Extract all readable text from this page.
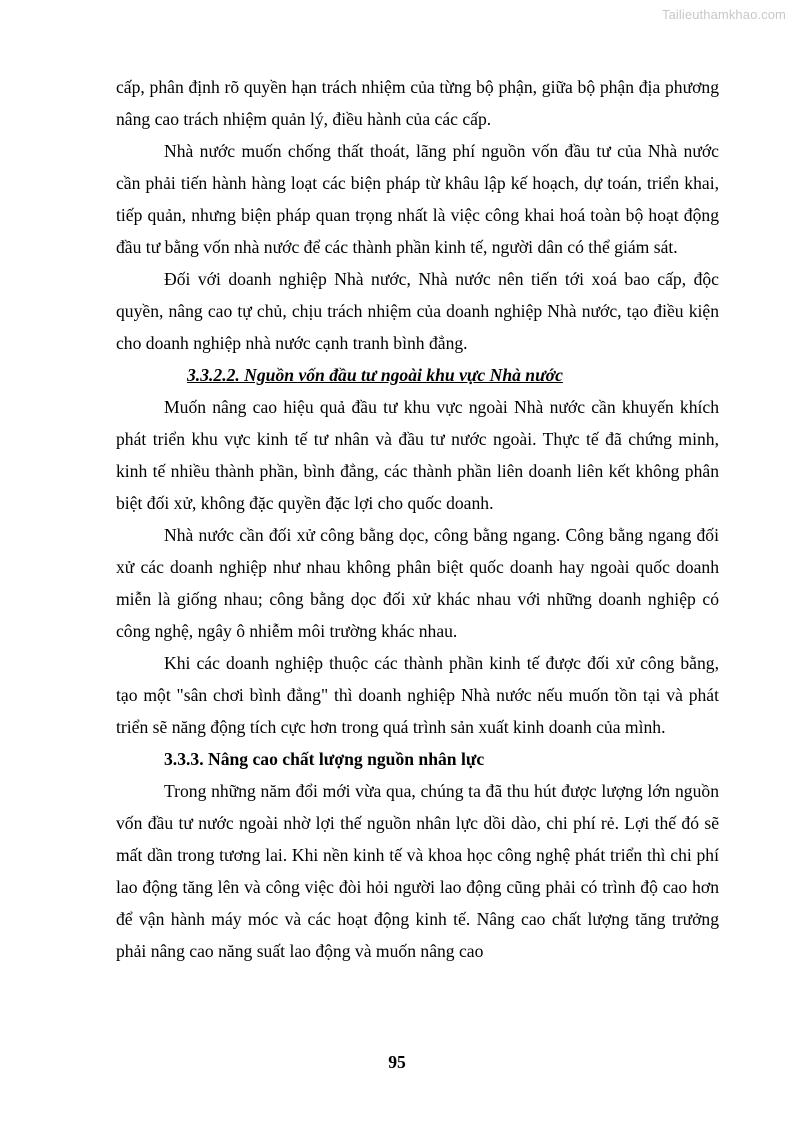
Tailieuthamkhao.com

cấp, phân định rõ quyền hạn trách nhiệm của từng bộ phận, giữa bộ phận địa phương nâng cao trách nhiệm quản lý, điều hành của các cấp.

Nhà nước muốn chống thất thoát, lãng phí nguồn vốn đầu tư của Nhà nước cần phải tiến hành hàng loạt các biện pháp từ khâu lập kế hoạch, dự toán, triển khai, tiếp quản, nhưng biện pháp quan trọng nhất là việc công khai hoá toàn bộ hoạt động đầu tư bằng vốn nhà nước để các thành phần kinh tế, người dân có thể giám sát.

Đối với doanh nghiệp Nhà nước, Nhà nước nên tiến tới xoá bao cấp, độc quyền, nâng cao tự chủ, chịu trách nhiệm của doanh nghiệp Nhà nước, tạo điều kiện cho doanh nghiệp nhà nước cạnh tranh bình đẳng.

3.3.2.2. Nguồn vốn đầu tư ngoài khu vực Nhà nước

Muốn nâng cao hiệu quả đầu tư khu vực ngoài Nhà nước cần khuyến khích phát triển khu vực kinh tế tư nhân và đầu tư nước ngoài. Thực tế đã chứng minh, kinh tế nhiều thành phần, bình đẳng, các thành phần liên doanh liên kết không phân biệt đối xử, không đặc quyền đặc lợi cho quốc doanh.

Nhà nước cần đối xử công bằng dọc, công bằng ngang. Công bằng ngang đối xử các doanh nghiệp như nhau không phân biệt quốc doanh hay ngoài quốc doanh miễn là giống nhau; công bằng dọc đối xử khác nhau với những doanh nghiệp có công nghệ, ngây ô nhiễm môi trường khác nhau.

Khi các doanh nghiệp thuộc các thành phần kinh tế được đối xử công bằng, tạo một "sân chơi bình đẳng" thì doanh nghiệp Nhà nước nếu muốn tồn tại và phát triển sẽ năng động tích cực hơn trong quá trình sản xuất kinh doanh của mình.

3.3.3. Nâng cao chất lượng nguồn nhân lực

Trong những năm đổi mới vừa qua, chúng ta đã thu hút được lượng lớn nguồn vốn đầu tư nước ngoài nhờ lợi thế nguồn nhân lực dồi dào, chi phí rẻ. Lợi thế đó sẽ mất dần trong tương lai. Khi nền kinh tế và khoa học công nghệ phát triển thì chi phí lao động tăng lên và công việc đòi hỏi người lao động cũng phải có trình độ cao hơn để vận hành máy móc và các hoạt động kinh tế. Nâng cao chất lượng tăng trưởng phải nâng cao năng suất lao động và muốn nâng cao

95
